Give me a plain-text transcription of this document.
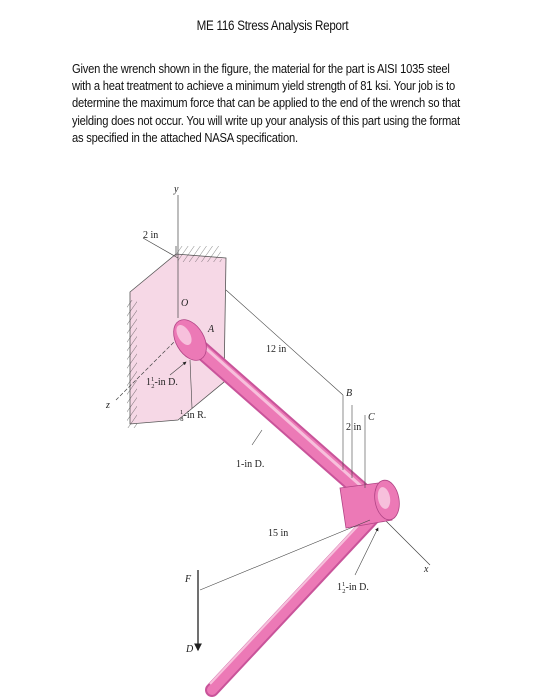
ME 116 Stress Analysis Report

Given the wrench shown in the figure, the material for the part is AISI 1035 steel
with a heat treatment to achieve a minimum yield strength of 81 ksi. Your job is to
determine the maximum force that can be applied to the end of the wrench so that
yielding does not occur. You will write up your analysis of this part using the format
as specified in the attached NASA specification.

y
z
x
2 in
O
A
12 in
B
2 in
C
1-in D.
15 in
$1^1$ 2-in D.
$^1$ 8-in R.
$1^1$ 2-in D.
F
D
